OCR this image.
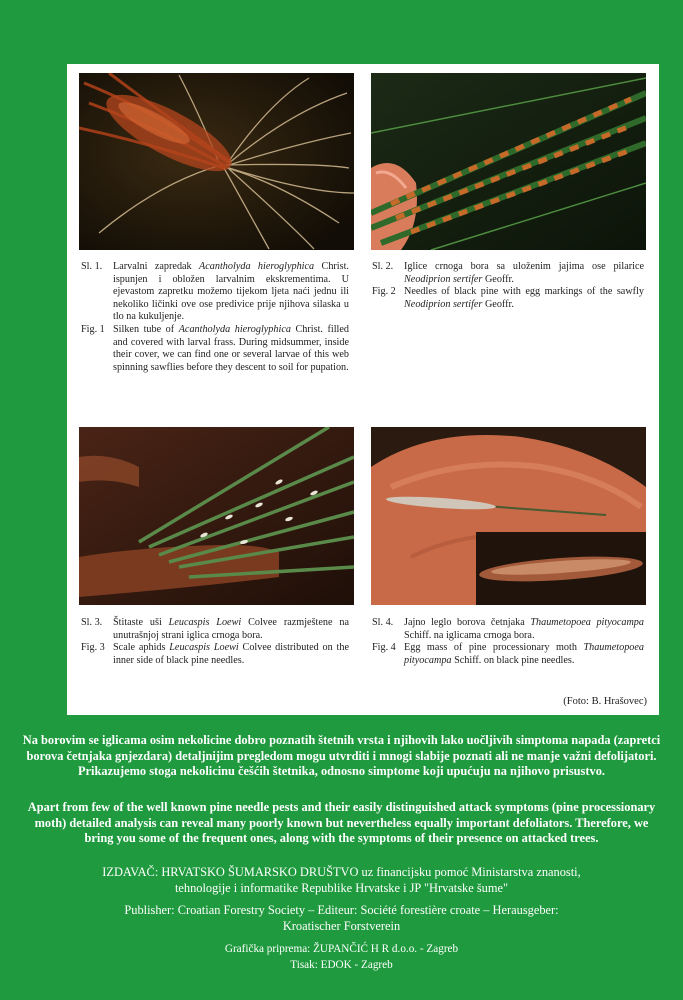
Sl. 1.	Larvalni zapredak Acantholyda hieroglyphica Christ. ispunjen i obložen larvalnim ekskrementima. U ejevastom zapretku možemo tijekom ljeta naći jednu ili nekoliko ličinki ove ose predivice prije njihova silaska u tlo na kukuljenje.
Fig. 1 Silken tube of Acantholyda hieroglyphica Christ. filled and covered with larval frass. During midsummer, inside their cover, we can find one or several larvae of this web spinning sawflies before they descent to soil for pupation.
Sl. 2.	Iglice crnoga bora sa uloženim jajima ose pilarice Neodiprion sertifer Geoffr.
Fig. 2 Needles of black pine with egg markings of the sawfly Neodiprion sertifer Geoffr.
Sl. 3.	Štitaste uši Leucaspis Loewi Colvee razmještene na unutrašnjoj strani iglica crnoga bora.
Fig. 3 Scale aphids Leucaspis Loewi Colvee distributed on the inner side of black pine needles.
Sl. 4.	Jajno leglo borova četnjaka Thaumetopoea pityocampa Schiff. na iglicama crnoga bora.
Fig. 4 Egg mass of pine processionary moth Thaumetopoea pityocampa Schiff. on black pine needles.
(Foto: B. Hrašovec)
Na borovim se iglicama osim nekolicine dobro poznatih štetnih vrsta i njihovih lako uočljivih simptoma napada (zapretci borova četnjaka gnjezdara) detaljnijim pregledom mogu utvrditi i mnogi slabije poznati ali ne manje važni defolijatori. Prikazujemo stoga nekolicinu češćih štetnika, odnosno simptome koji upućuju na njihovo prisustvo.
Apart from few of the well known pine needle pests and their easily distinguished attack symptoms (pine processionary moth) detailed analysis can reveal many poorly known but nevertheless equally important defoliators. Therefore, we bring you some of the frequent ones, along with the symptoms of their presence on attacked trees.
IZDAVAČ: HRVATSKO ŠUMARSKO DRUŠTVO uz financijsku pomoć Ministarstva znanosti, tehnologije i informatike Republike Hrvatske i JP "Hrvatske šume"
Publisher: Croatian Forestry Society – Editeur: Société forestière croate – Herausgeber: Kroatischer Forstverein
Grafička priprema: ŽUPANČIĆ H R d.o.o. - Zagreb
Tisak: EDOK - Zagreb
